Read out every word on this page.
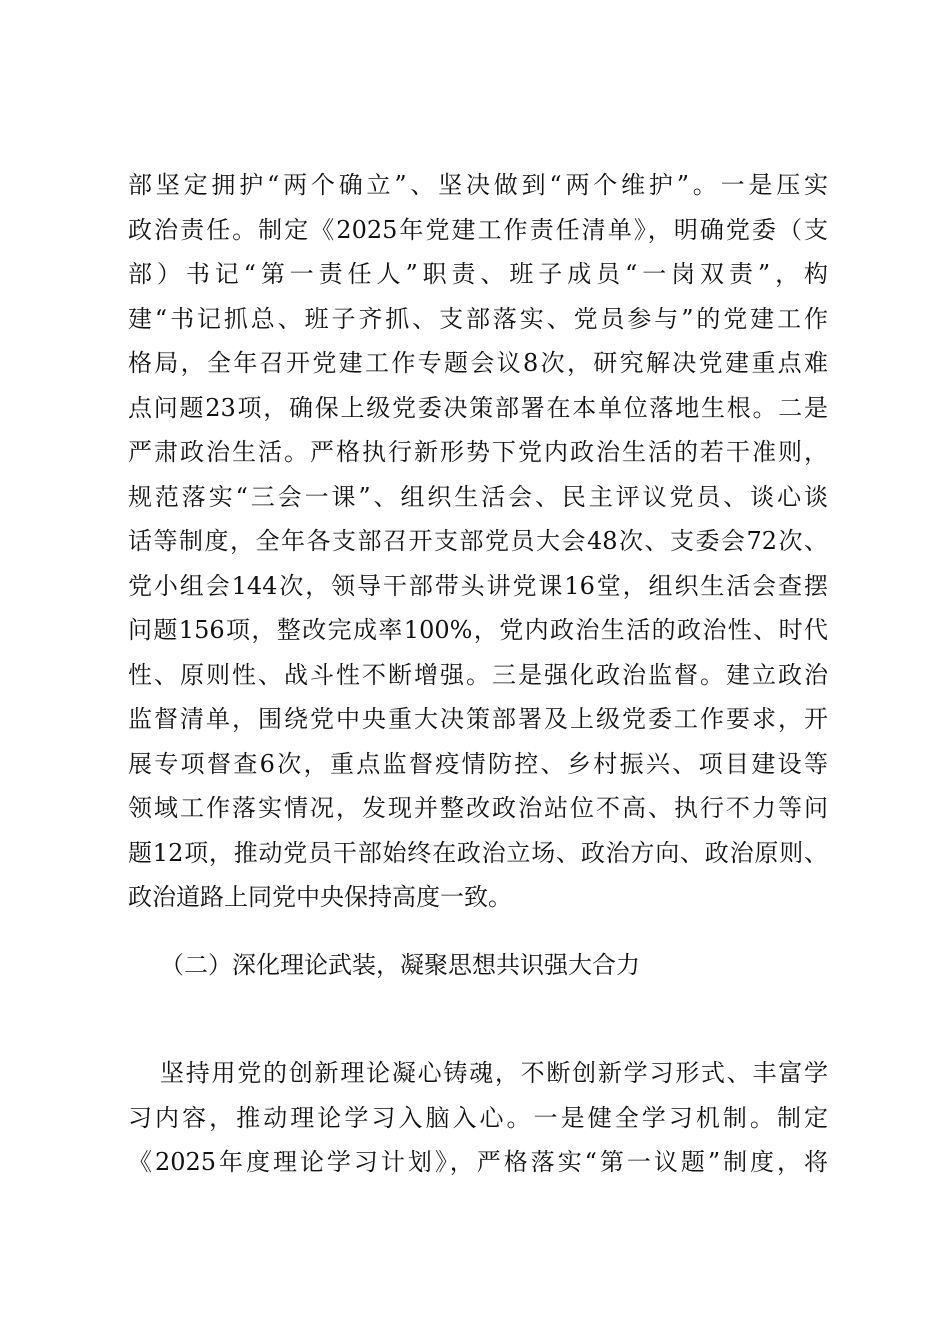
部坚定拥护“两个确立”、坚决做到“两个维护”。一是压实
政治责任。制定《2025年党建工作责任清单》，明确党委（支
部）书记“第一责任人”职责、班子成员“一岗双责”，构
建“书记抓总、班子齐抓、支部落实、党员参与”的党建工作
格局，全年召开党建工作专题会议8次，研究解决党建重点难
点问题23项，确保上级党委决策部署在本单位落地生根。二是
严肃政治生活。严格执行新形势下党内政治生活的若干准则，
规范落实“三会一课”、组织生活会、民主评议党员、谈心谈
话等制度，全年各支部召开支部党员大会48次、支委会72次、
党小组会144次，领导干部带头讲党课16堂，组织生活会查摆
问题156项，整改完成率100%，党内政治生活的政治性、时代
性、原则性、战斗性不断增强。三是强化政治监督。建立政治
监督清单，围绕党中央重大决策部署及上级党委工作要求，开
展专项督查6次，重点监督疫情防控、乡村振兴、项目建设等
领域工作落实情况，发现并整改政治站位不高、执行不力等问
题12项，推动党员干部始终在政治立场、政治方向、政治原则、
政治道路上同党中央保持高度一致。
（二）深化理论武装，凝聚思想共识强大合力
坚持用党的创新理论凝心铸魂，不断创新学习形式、丰富学
习内容，推动理论学习入脑入心。一是健全学习机制。制定
《2025年度理论学习计划》，严格落实“第一议题”制度，将
